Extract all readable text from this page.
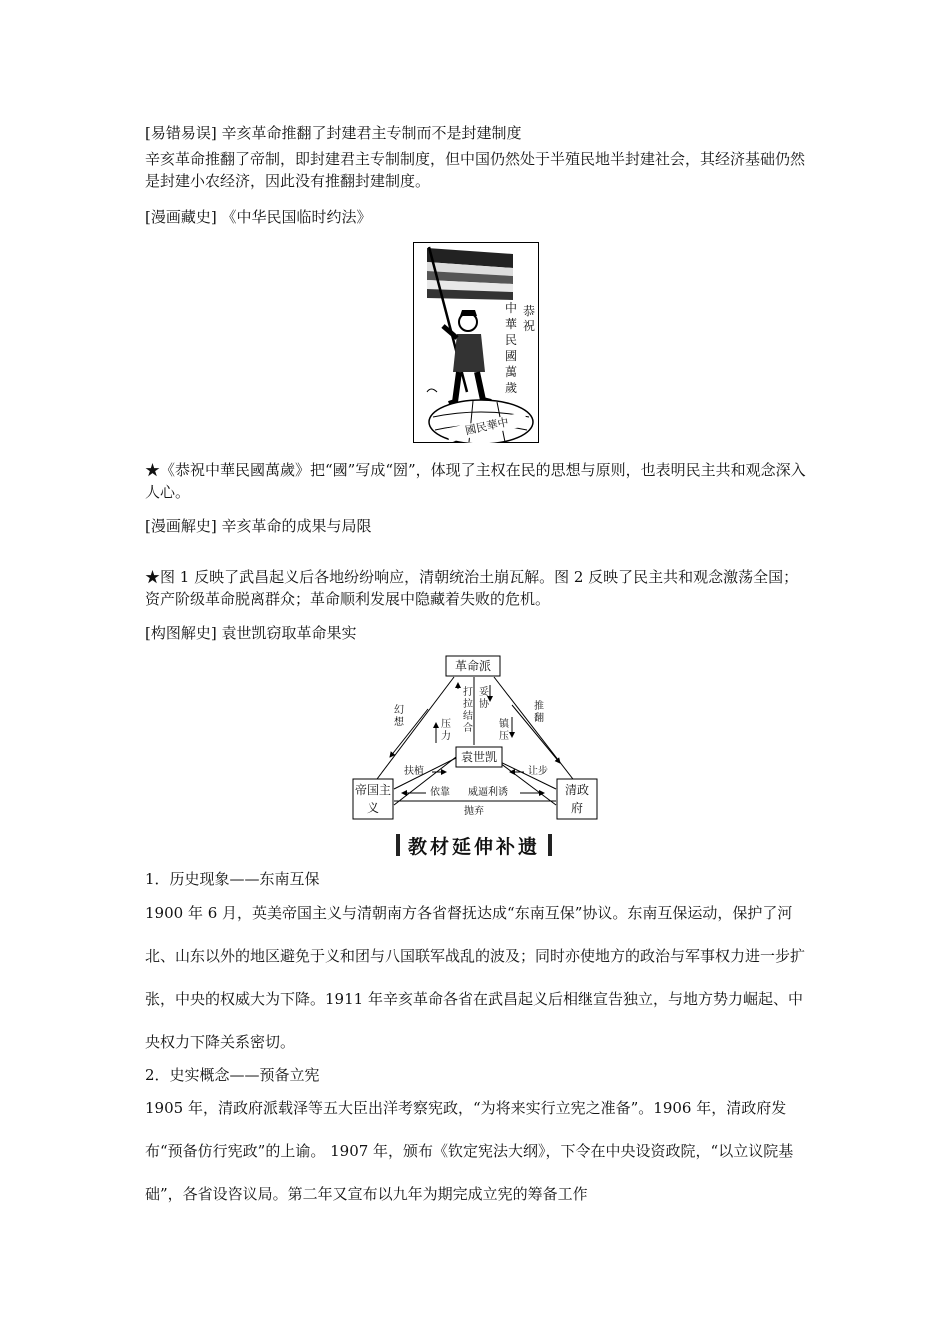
[易错易误] 辛亥革命推翻了封建君主专制而不是封建制度

辛亥革命推翻了帝制，即封建君主专制制度，但中国仍然处于半殖民地半封建社会，其经济基础仍然是封建小农经济，因此没有推翻封建制度。

[漫画藏史] 《中华民国临时约法》

恭祝
中華民國萬歲
國民華中

★《恭祝中華民國萬歲》把“國”写成“圀”，体现了主权在民的思想与原则，也表明民主共和观念深入人心。

[漫画解史] 辛亥革命的成果与局限

★图 1 反映了武昌起义后各地纷纷响应，清朝统治土崩瓦解。图 2 反映了民主共和观念激荡全国；资产阶级革命脱离群众；革命顺利发展中隐藏着失败的危机。

[构图解史] 袁世凯窃取革命果实

革命派
袁世凯
帝国主义
清政府
幻想
推翻
打拉结合
妥协
压力
镇压
扶植	让步
依靠	威逼利诱
抛弃
教材延伸补遗

1．历史现象——东南互保

1900 年 6 月，英美帝国主义与清朝南方各省督抚达成“东南互保”协议。东南互保运动，保护了河北、山东以外的地区避免于义和团与八国联军战乱的波及；同时亦使地方的政治与军事权力进一步扩张，中央的权威大为下降。1911 年辛亥革命各省在武昌起义后相继宣告独立，与地方势力崛起、中央权力下降关系密切。

2．史实概念——预备立宪

1905 年，清政府派载泽等五大臣出洋考察宪政，“为将来实行立宪之准备”。1906 年，清政府发布“预备仿行宪政”的上谕。 1907 年，颁布《钦定宪法大纲》，下令在中央设资政院，“以立议院基础”，各省设咨议局。第二年又宣布以九年为期完成立宪的筹备工作
